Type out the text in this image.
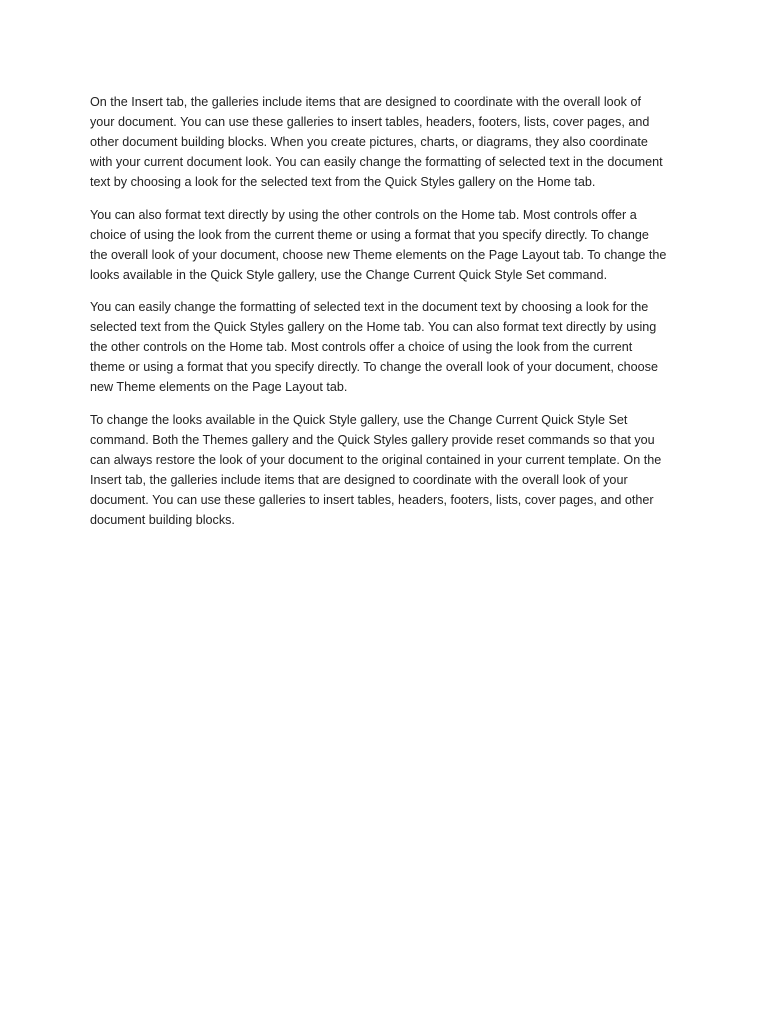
On the Insert tab, the galleries include items that are designed to coordinate with the overall look of
your document. You can use these galleries to insert tables, headers, footers, lists, cover pages, and
other document building blocks. When you create pictures, charts, or diagrams, they also coordinate
with your current document look. You can easily change the formatting of selected text in the document
text by choosing a look for the selected text from the Quick Styles gallery on the Home tab.

You can also format text directly by using the other controls on the Home tab. Most controls offer a
choice of using the look from the current theme or using a format that you specify directly. To change
the overall look of your document, choose new Theme elements on the Page Layout tab. To change the
looks available in the Quick Style gallery, use the Change Current Quick Style Set command.

You can easily change the formatting of selected text in the document text by choosing a look for the
selected text from the Quick Styles gallery on the Home tab. You can also format text directly by using
the other controls on the Home tab. Most controls offer a choice of using the look from the current
theme or using a format that you specify directly. To change the overall look of your document, choose
new Theme elements on the Page Layout tab.

To change the looks available in the Quick Style gallery, use the Change Current Quick Style Set
command. Both the Themes gallery and the Quick Styles gallery provide reset commands so that you
can always restore the look of your document to the original contained in your current template. On the
Insert tab, the galleries include items that are designed to coordinate with the overall look of your
document. You can use these galleries to insert tables, headers, footers, lists, cover pages, and other
document building blocks.
